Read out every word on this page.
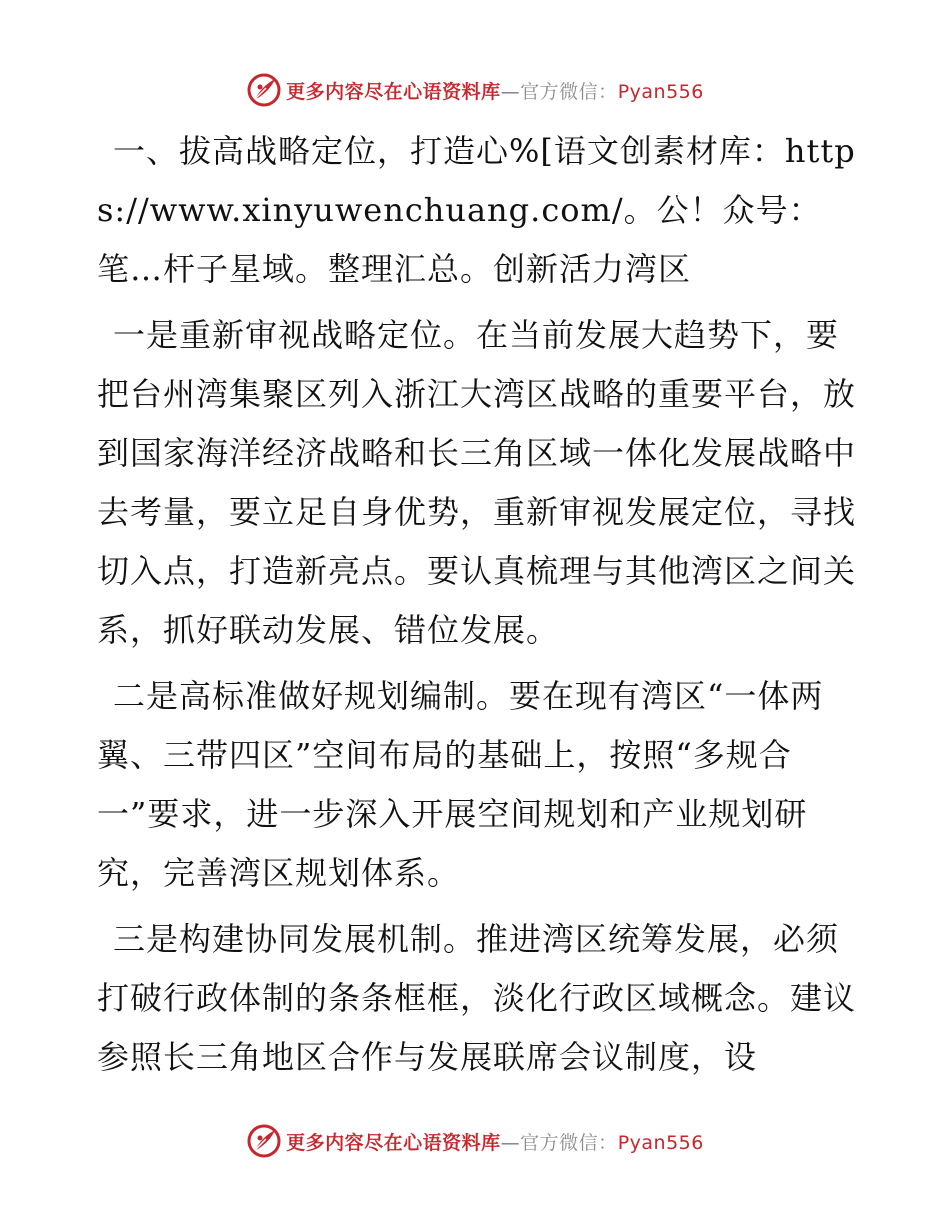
更多内容尽在心语资料库—官方微信：Pyan556

一、拔高战略定位，打造心%[语文创素材库：https://www.xinyuwenchuang.com/。公！众号：笔…杆子星域。整理汇总。创新活力湾区

一是重新审视战略定位。在当前发展大趋势下，要把台州湾集聚区列入浙江大湾区战略的重要平台，放到国家海洋经济战略和长三角区域一体化发展战略中去考量，要立足自身优势，重新审视发展定位，寻找切入点，打造新亮点。要认真梳理与其他湾区之间关系，抓好联动发展、错位发展。

二是高标准做好规划编制。要在现有湾区“一体两翼、三带四区”空间布局的基础上，按照“多规合一”要求，进一步深入开展空间规划和产业规划研究，完善湾区规划体系。

三是构建协同发展机制。推进湾区统筹发展，必须打破行政体制的条条框框，淡化行政区域概念。建议参照长三角地区合作与发展联席会议制度，设

更多内容尽在心语资料库—官方微信：Pyan556
